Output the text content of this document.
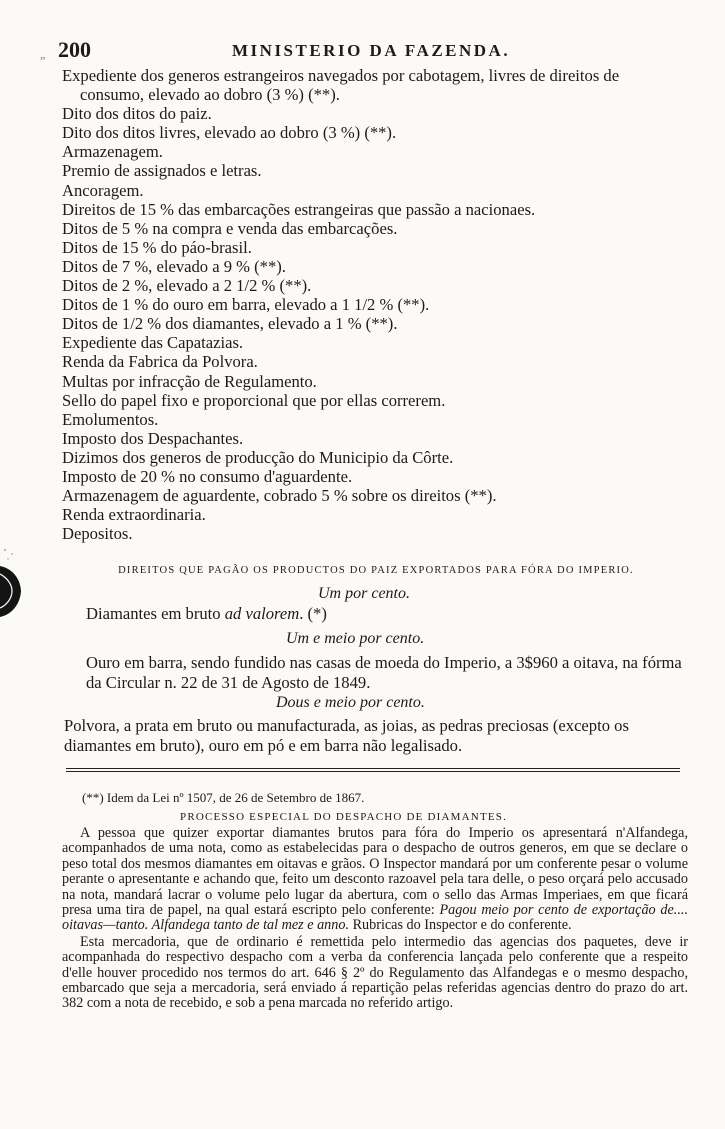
„ 200	MINISTERIO DA FAZENDA.
Expediente dos generos estrangeiros navegados por cabotagem, livres de direitos de consumo, elevado ao dobro (3 %) (**).
Dito dos ditos do paiz.
Dito dos ditos livres, elevado ao dobro (3 %) (**).
Armazenagem.
Premio de assignados e letras.
Ancoragem.
Direitos de 15 % das embarcações estrangeiras que passão a nacionaes.
Ditos de 5 % na compra e venda das embarcações.
Ditos de 15 % do páo-brasil.
Ditos de 7 %, elevado a 9 % (**).
Ditos de 2 %, elevado a 2 1/2 % (**).
Ditos de 1 % do ouro em barra, elevado a 1 1/2 % (**).
Ditos de 1/2 % dos diamantes, elevado a 1 % (**).
Expediente das Capatazias.
Renda da Fabrica da Polvora.
Multas por infracção de Regulamento.
Sello do papel fixo e proporcional que por ellas correrem.
Emolumentos.
Imposto dos Despachantes.
Dizimos dos generos de producção do Municipio da Côrte.
Imposto de 20 % no consumo d'aguardente.
Armazenagem de aguardente, cobrado 5 % sobre os direitos (**).
Renda extraordinaria.
Depositos.
DIREITOS QUE PAGÃO OS PRODUCTOS DO PAIZ EXPORTADOS PARA FÓRA DO IMPERIO.
Um por cento.
Diamantes em bruto ad valorem. (*)
Um e meio por cento.
Ouro em barra, sendo fundido nas casas de moeda do Imperio, a 3$960 a oitava, na fórma da Circular n. 22 de 31 de Agosto de 1849.
Dous e meio por cento.
Polvora, a prata em bruto ou manufacturada, as joias, as pedras preciosas (excepto os diamantes em bruto), ouro em pó e em barra não legalisado.
(**) Idem da Lei nº 1507, de 26 de Setembro de 1867.
PROCESSO ESPECIAL DO DESPACHO DE DIAMANTES.

A pessoa que quizer exportar diamantes brutos para fóra do Imperio os apresentará n'Alfandega, acompanhados de uma nota, como as estabelecidas para o despacho de outros generos, em que se declare o peso total dos mesmos diamantes em oitavas e grãos. O Inspector mandará por um conferente pesar o volume perante o apresentante e achando que, feito um desconto razoavel pela tara delle, o peso orçará pelo accusado na nota, mandará lacrar o volume pelo lugar da abertura, com o sello das Armas Imperiaes, em que ficará presa uma tira de papel, na qual estará escripto pelo conferente: Pagou meio por cento de exportação de.... oitavas—tanto. Alfandega tanto de tal mez e anno. Rubricas do Inspector e do conferente.

Esta mercadoria, que de ordinario é remettida pelo intermedio das agencias dos paquetes, deve ir acompanhada do respectivo despacho com a verba da conferencia lançada pelo conferente que a respeito d'elle houver procedido nos termos do art. 646 § 2º do Regulamento das Alfandegas e o mesmo despacho, embarcado que seja a mercadoria, será enviado á repartição pelas referidas agencias dentro do prazo do art. 382 com a nota de recebido, e sob a pena marcada no referido artigo.
